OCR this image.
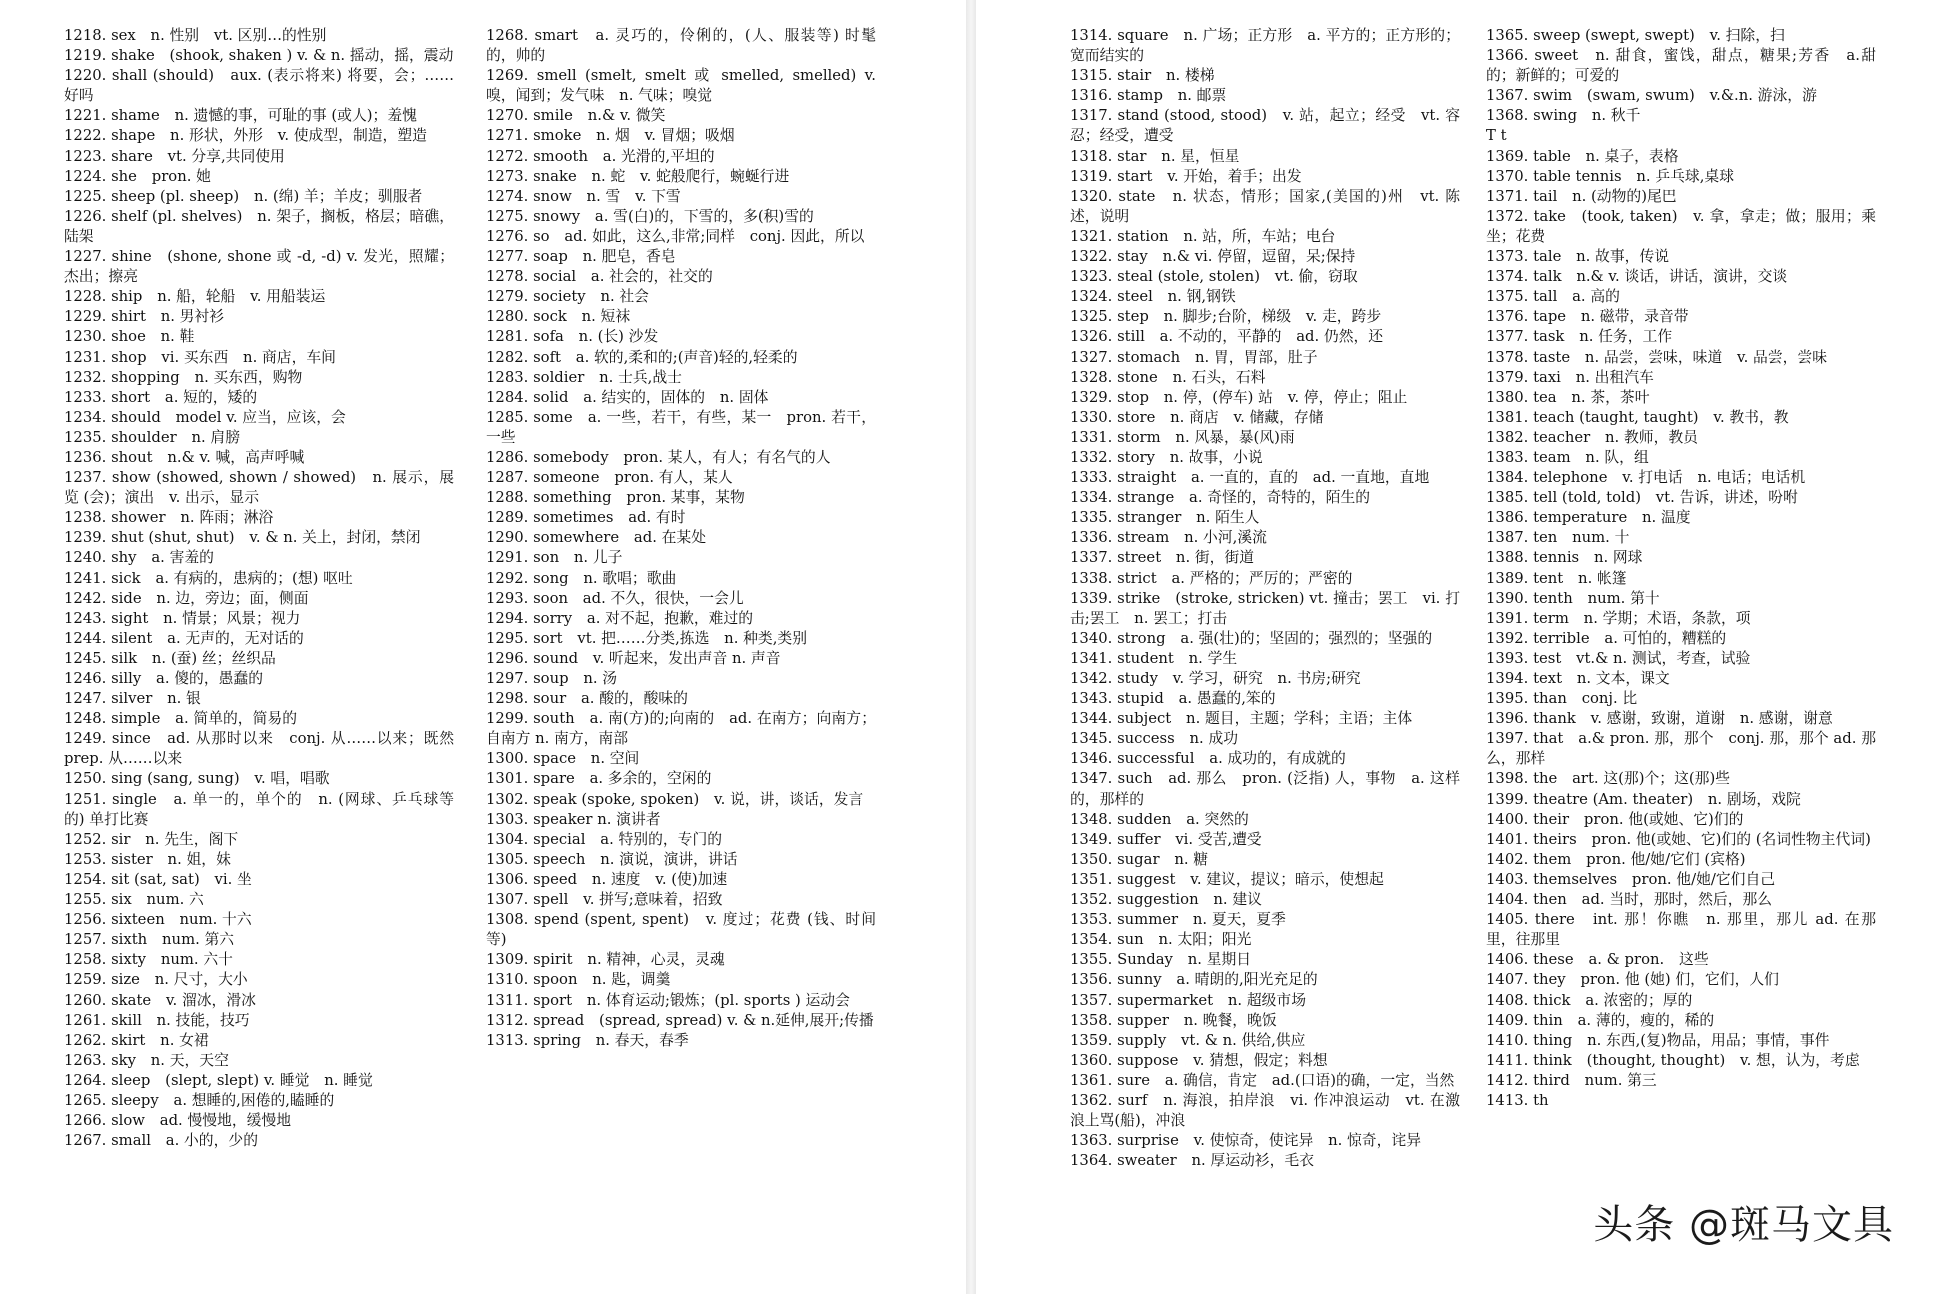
1218. sex　n. 性别　vt. 区别…的性别

1219. shake　(shook, shaken ) v. & n. 摇动，摇，震动

1220. shall (should)　aux. (表示将来) 将要，会；……好吗

1221. shame　n. 遗憾的事，可耻的事 (或人)；羞愧

1222. shape　n. 形状，外形　v. 使成型，制造，塑造

1223. share　vt. 分享,共同使用

1224. she　pron. 她

1225. sheep (pl. sheep)　n. (绵) 羊；羊皮；驯服者

1226. shelf (pl. shelves)　n. 架子，搁板，格层；暗礁，陆架

1227. shine　(shone, shone 或 -d, -d) v. 发光，照耀；杰出；擦亮

1228. ship　n. 船，轮船　v. 用船装运

1229. shirt　n. 男衬衫

1230. shoe　n. 鞋

1231. shop　vi. 买东西　n. 商店，车间

1232. shopping　n. 买东西，购物

1233. short　a. 短的，矮的

1234. should　model v. 应当，应该，会

1235. shoulder　n. 肩膀

1236. shout　n.& v. 喊，高声呼喊

1237. show (showed, shown / showed)　n. 展示，展览 (会)；演出　v. 出示，显示

1238. shower　n. 阵雨；淋浴

1239. shut (shut, shut)　v. & n. 关上，封闭，禁闭

1240. shy　a. 害羞的

1241. sick　a. 有病的，患病的；(想) 呕吐

1242. side　n. 边，旁边；面，侧面

1243. sight　n. 情景；风景；视力

1244. silent　a. 无声的，无对话的

1245. silk　n. (蚕) 丝；丝织品

1246. silly　a. 傻的，愚蠢的

1247. silver　n. 银

1248. simple　a. 简单的，简易的

1249. since　ad. 从那时以来　conj. 从……以来；既然　prep. 从……以来

1250. sing (sang, sung)　v. 唱，唱歌

1251. single　a. 单一的，单个的　n. (网球、乒乓球等的) 单打比赛

1252. sir　n. 先生，阁下

1253. sister　n. 姐，妹

1254. sit (sat, sat)　vi. 坐

1255. six　num. 六

1256. sixteen　num. 十六

1257. sixth　num. 第六

1258. sixty　num. 六十

1259. size　n. 尺寸，大小

1260. skate　v. 溜冰，滑冰

1261. skill　n. 技能，技巧

1262. skirt　n. 女裙

1263. sky　n. 天，天空

1264. sleep　(slept, slept) v. 睡觉　n. 睡觉

1265. sleepy　a. 想睡的,困倦的,瞌睡的

1266. slow　ad. 慢慢地，缓慢地

1267. small　a. 小的，少的

1268. smart　a. 灵巧的，伶俐的，(人、服装等) 时髦的，帅的

1269. smell (smelt, smelt 或 smelled, smelled) v. 嗅，闻到；发气味　n. 气味；嗅觉

1270. smile　n.& v. 微笑

1271. smoke　n. 烟　v. 冒烟；吸烟

1272. smooth　a. 光滑的,平坦的

1273. snake　n. 蛇　v. 蛇般爬行，蜿蜒行进

1274. snow　n. 雪　v. 下雪

1275. snowy　a. 雪(白)的，下雪的，多(积)雪的

1276. so　ad. 如此，这么,非常;同样　conj. 因此，所以

1277. soap　n. 肥皂，香皂

1278. social　a. 社会的，社交的

1279. society　n. 社会

1280. sock　n. 短袜

1281. sofa　n. (长) 沙发

1282. soft　a. 软的,柔和的;(声音)轻的,轻柔的

1283. soldier　n. 士兵,战士

1284. solid　a. 结实的，固体的　n. 固体

1285. some　a. 一些，若干，有些，某一　pron. 若干，一些

1286. somebody　pron. 某人，有人；有名气的人

1287. someone　pron. 有人，某人

1288. something　pron. 某事，某物

1289. sometimes　ad. 有时

1290. somewhere　ad. 在某处

1291. son　n. 儿子

1292. song　n. 歌唱；歌曲

1293. soon　ad. 不久，很快，一会儿

1294. sorry　a. 对不起，抱歉，难过的

1295. sort　vt. 把……分类,拣选　n. 种类,类别

1296. sound　v. 听起来，发出声音 n. 声音

1297. soup　n. 汤

1298. sour　a. 酸的，酸味的

1299. south　a. 南(方)的;向南的　ad. 在南方；向南方；自南方 n. 南方，南部

1300. space　n. 空间

1301. spare　a. 多余的，空闲的

1302. speak (spoke, spoken)　v. 说，讲，谈话，发言

1303. speaker n. 演讲者

1304. special　a. 特别的，专门的

1305. speech　n. 演说，演讲，讲话

1306. speed　n. 速度　v. (使)加速

1307. spell　v. 拼写;意味着，招致

1308. spend (spent, spent)　v. 度过；花费 (钱、时间等)

1309. spirit　n. 精神，心灵，灵魂

1310. spoon　n. 匙，调羹

1311. sport　n. 体育运动;锻炼；(pl. sports ) 运动会

1312. spread　(spread, spread) v. & n.延伸,展开;传播

1313. spring　n. 春天，春季

1314. square　n. 广场；正方形　a. 平方的；正方形的；宽而结实的

1315. stair　n. 楼梯

1316. stamp　n. 邮票

1317. stand (stood, stood)　v. 站，起立；经受　vt. 容忍；经受，遭受

1318. star　n. 星，恒星

1319. start　v. 开始，着手；出发

1320. state　n. 状态，情形；国家,(美国的)州　vt. 陈述，说明

1321. station　n. 站，所，车站；电台

1322. stay　n.& vi. 停留，逗留，呆;保持

1323. steal (stole, stolen)　vt. 偷，窃取

1324. steel　n. 钢,钢铁

1325. step　n. 脚步;台阶，梯级　v. 走，跨步

1326. still　a. 不动的，平静的　ad. 仍然，还

1327. stomach　n. 胃，胃部，肚子

1328. stone　n. 石头，石料

1329. stop　n. 停，(停车) 站　v. 停，停止；阻止

1330. store　n. 商店　v. 储藏，存储

1331. storm　n. 风暴，暴(风)雨

1332. story　n. 故事，小说

1333. straight　a. 一直的，直的　ad. 一直地，直地

1334. strange　a. 奇怪的，奇特的，陌生的

1335. stranger　n. 陌生人

1336. stream　n. 小河,溪流

1337. street　n. 街，街道

1338. strict　a. 严格的；严厉的；严密的

1339. strike　(stroke, stricken) vt. 撞击；罢工　vi. 打击;罢工　n. 罢工；打击

1340. strong　a. 强(壮)的；坚固的；强烈的；坚强的

1341. student　n. 学生

1342. study　v. 学习，研究　n. 书房;研究

1343. stupid　a. 愚蠢的,笨的

1344. subject　n. 题目，主题；学科；主语；主体

1345. success　n. 成功

1346. successful　a. 成功的，有成就的

1347. such　ad. 那么　pron. (泛指) 人，事物　a. 这样的，那样的

1348. sudden　a. 突然的

1349. suffer　vi. 受苦,遭受

1350. sugar　n. 糖

1351. suggest　v. 建议，提议；暗示，使想起

1352. suggestion　n. 建议

1353. summer　n. 夏天，夏季

1354. sun　n. 太阳；阳光

1355. Sunday　n. 星期日

1356. sunny　a. 晴朗的,阳光充足的

1357. supermarket　n. 超级市场

1358. supper　n. 晚餐，晚饭

1359. supply　vt. & n. 供给,供应

1360. suppose　v. 猜想，假定；料想

1361. sure　a. 确信，肯定　ad.(口语)的确，一定，当然

1362. surf　n. 海浪，拍岸浪　vi. 作冲浪运动　vt. 在激浪上骂(船)，冲浪

1363. surprise　v. 使惊奇，使诧异　n. 惊奇，诧异

1364. sweater　n. 厚运动衫，毛衣

1365. sweep (swept, swept)　v. 扫除，扫

1366. sweet　n. 甜食，蜜饯，甜点，糖果;芳香　a.甜的；新鲜的；可爱的

1367. swim　(swam, swum)　v.&.n. 游泳，游

1368. swing　n. 秋千

T t

1369. table　n. 桌子，表格

1370. table tennis　n. 乒乓球,桌球

1371. tail　n. (动物的)尾巴

1372. take　(took, taken)　v. 拿，拿走；做；服用；乘坐；花费

1373. tale　n. 故事，传说

1374. talk　n.& v. 谈话，讲话，演讲，交谈

1375. tall　a. 高的

1376. tape　n. 磁带，录音带

1377. task　n. 任务，工作

1378. taste　n. 品尝，尝味，味道　v. 品尝，尝味

1379. taxi　n. 出租汽车

1380. tea　n. 茶，茶叶

1381. teach (taught, taught)　v. 教书，教

1382. teacher　n. 教师，教员

1383. team　n. 队，组

1384. telephone　v. 打电话　n. 电话；电话机

1385. tell (told, told)　vt. 告诉，讲述，吩咐

1386. temperature　n. 温度

1387. ten　num. 十

1388. tennis　n. 网球

1389. tent　n. 帐篷

1390. tenth　num. 第十

1391. term　n. 学期；术语，条款，项

1392. terrible　a. 可怕的，糟糕的

1393. test　vt.& n. 测试，考查，试验

1394. text　n. 文本，课文

1395. than　conj. 比

1396. thank　v. 感谢，致谢，道谢　n. 感谢，谢意

1397. that　a.& pron. 那，那个　conj. 那，那个 ad. 那么，那样

1398. the　art. 这(那)个；这(那)些

1399. theatre (Am. theater)　n. 剧场，戏院

1400. their　pron. 他(或她、它)们的

1401. theirs　pron. 他(或她、它)们的 (名词性物主代词)

1402. them　pron. 他/她/它们 (宾格)

1403. themselves　pron. 他/她/它们自己

1404. then　ad. 当时，那时，然后，那么

1405. there　int. 那！你瞧　n. 那里，那儿 ad. 在那里，往那里

1406. these　a. & pron.　这些

1407. they　pron. 他 (她) 们，它们，人们

1408. thick　a. 浓密的；厚的

1409. thin　a. 薄的，瘦的，稀的

1410. thing　n. 东西,(复)物品，用品；事情，事件

1411. think　(thought, thought)　v. 想，认为，考虑

1412. third　num. 第三

1413. th

头条 @斑马文具
